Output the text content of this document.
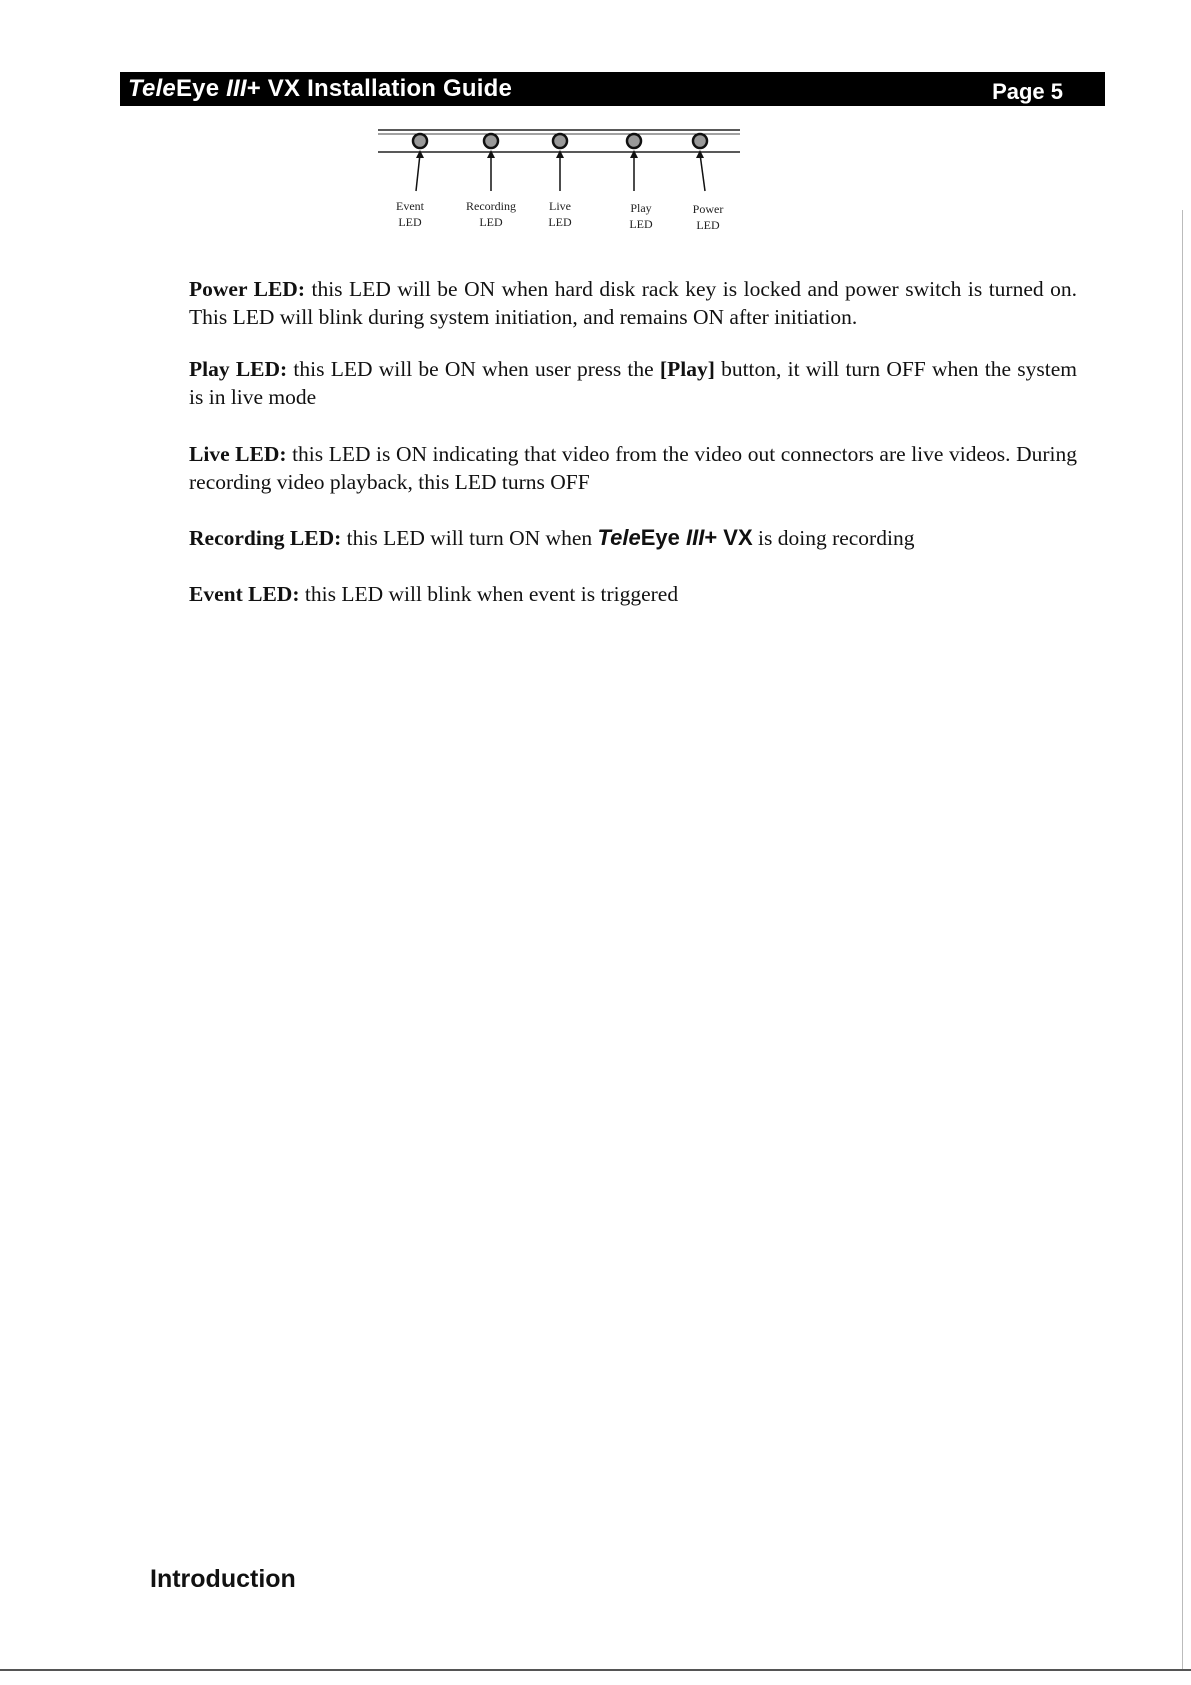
TeleEye III+ VX Installation Guide	Page 5
Event
LED
Recording
LED
Live
LED
Play
LED
Power
LED

Power LED: this LED will be ON when hard disk rack key is locked and power switch is turned on. This LED will blink during system initiation, and remains ON after initiation.

Play LED: this LED will be ON when user press the [Play] button, it will turn OFF when the system is in live mode

Live LED: this LED is ON indicating that video from the video out connectors are live videos. During recording video playback, this LED turns OFF

Recording LED: this LED will turn ON when TeleEye III+ VX is doing recording

Event LED: this LED will blink when event is triggered

Introduction
